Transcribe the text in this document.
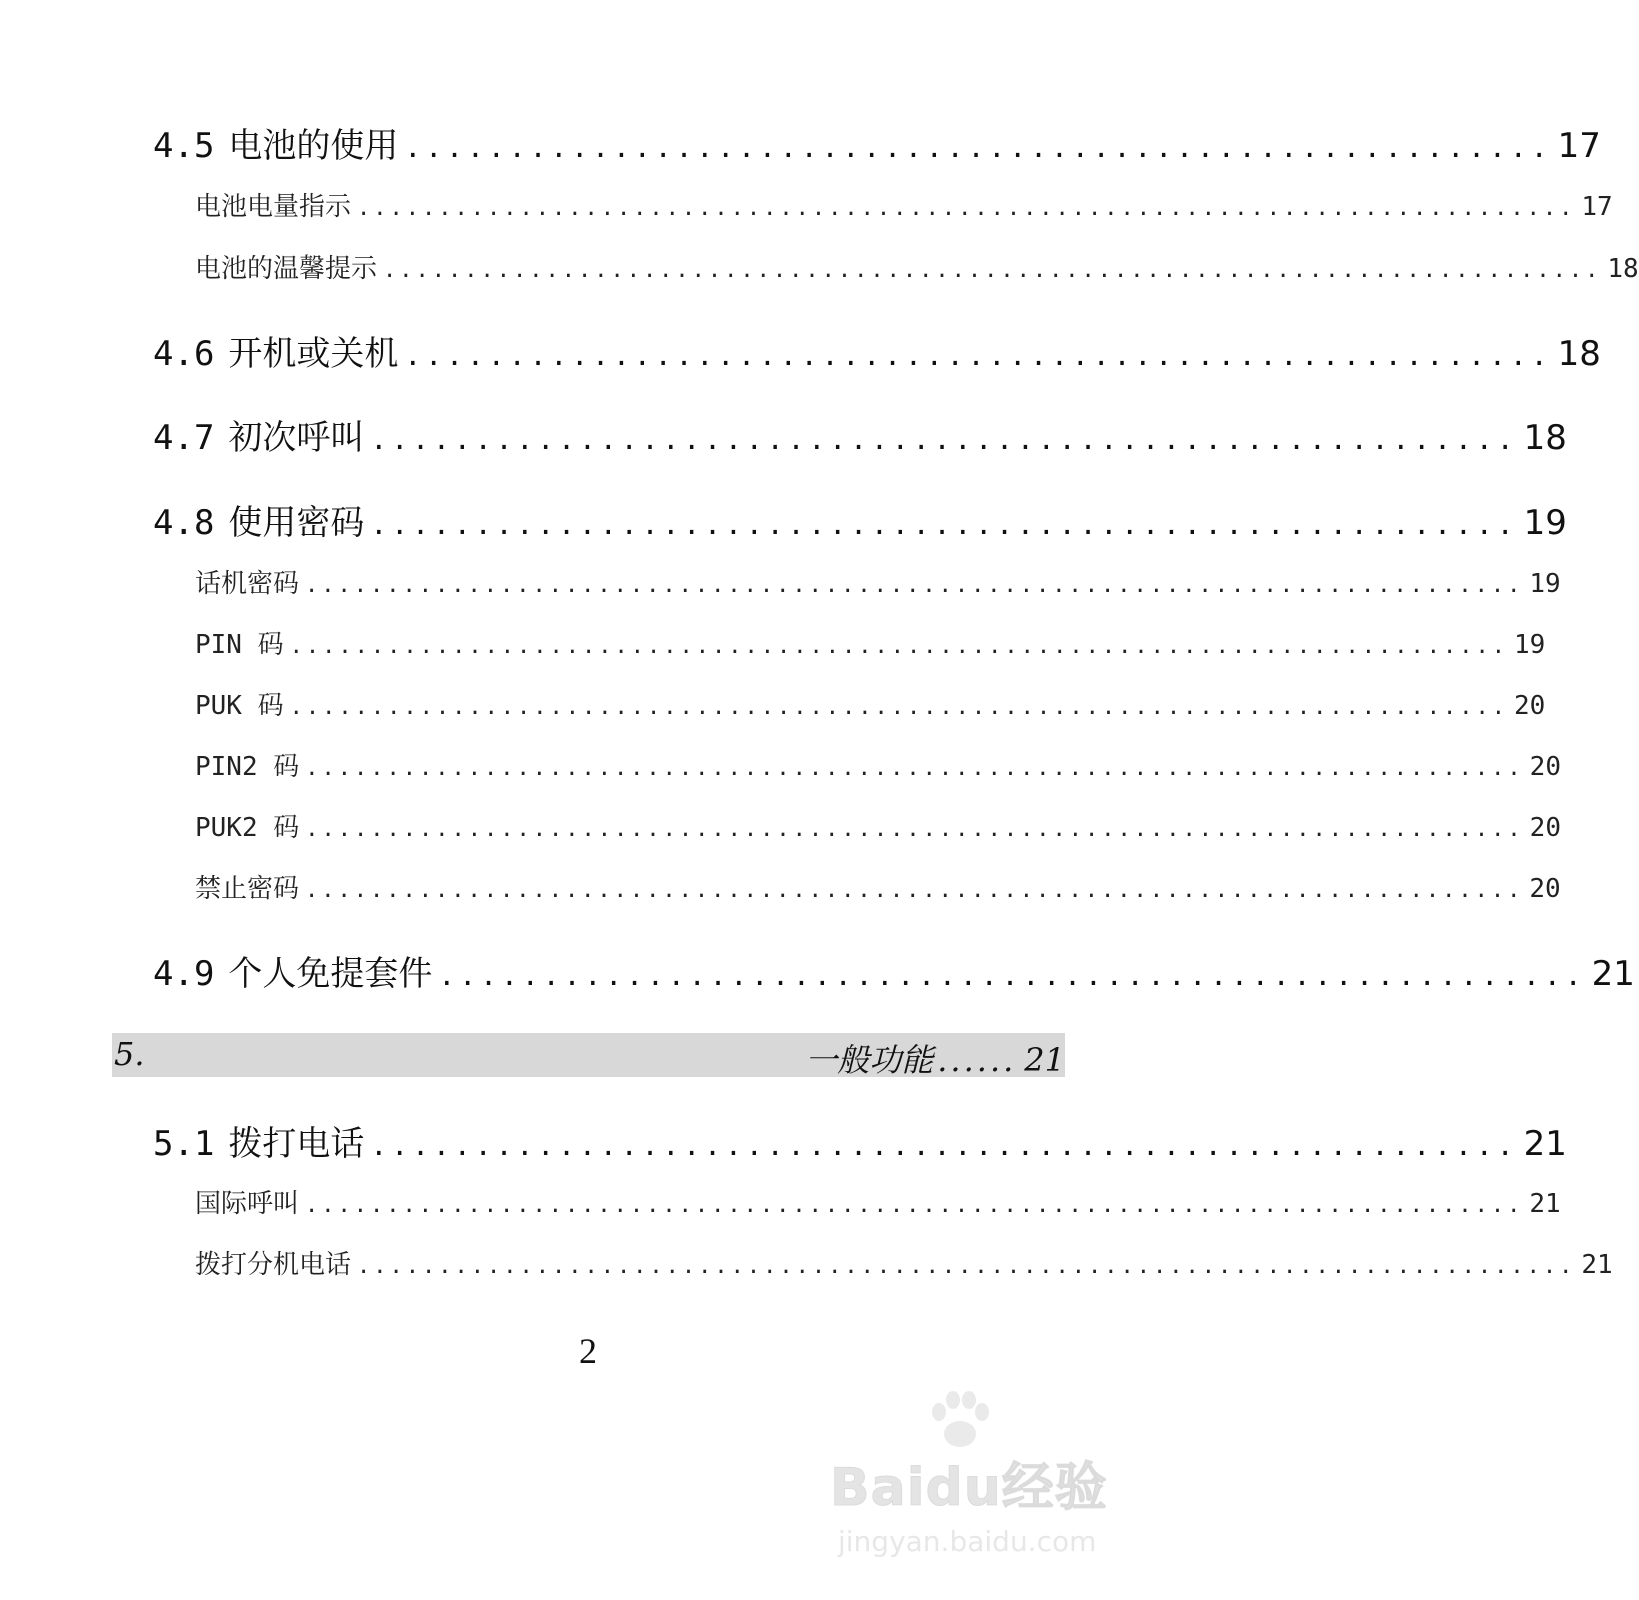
4.5 电池的使用 ....................................................... 17
电池电量指示 ........................................................................... 17
电池的温馨提示 ........................................................................... 18
4.6 开机或关机 ....................................................... 18
4.7 初次呼叫 ....................................................... 18
4.8 使用密码 ....................................................... 19
话机密码 ........................................................................... 19
PIN 码 ........................................................................... 19
PUK 码 ........................................................................... 20
PIN2 码 ........................................................................... 20
PUK2 码 ........................................................................... 20
禁止密码 ........................................................................... 20
4.9 个人免提套件 ....................................................... 21
5.	一般功能 ...... 21
5.1 拨打电话 ....................................................... 21
国际呼叫 ........................................................................... 21
拨打分机电话 ........................................................................... 21
2
Baidu经验
jingyan.baidu.com
